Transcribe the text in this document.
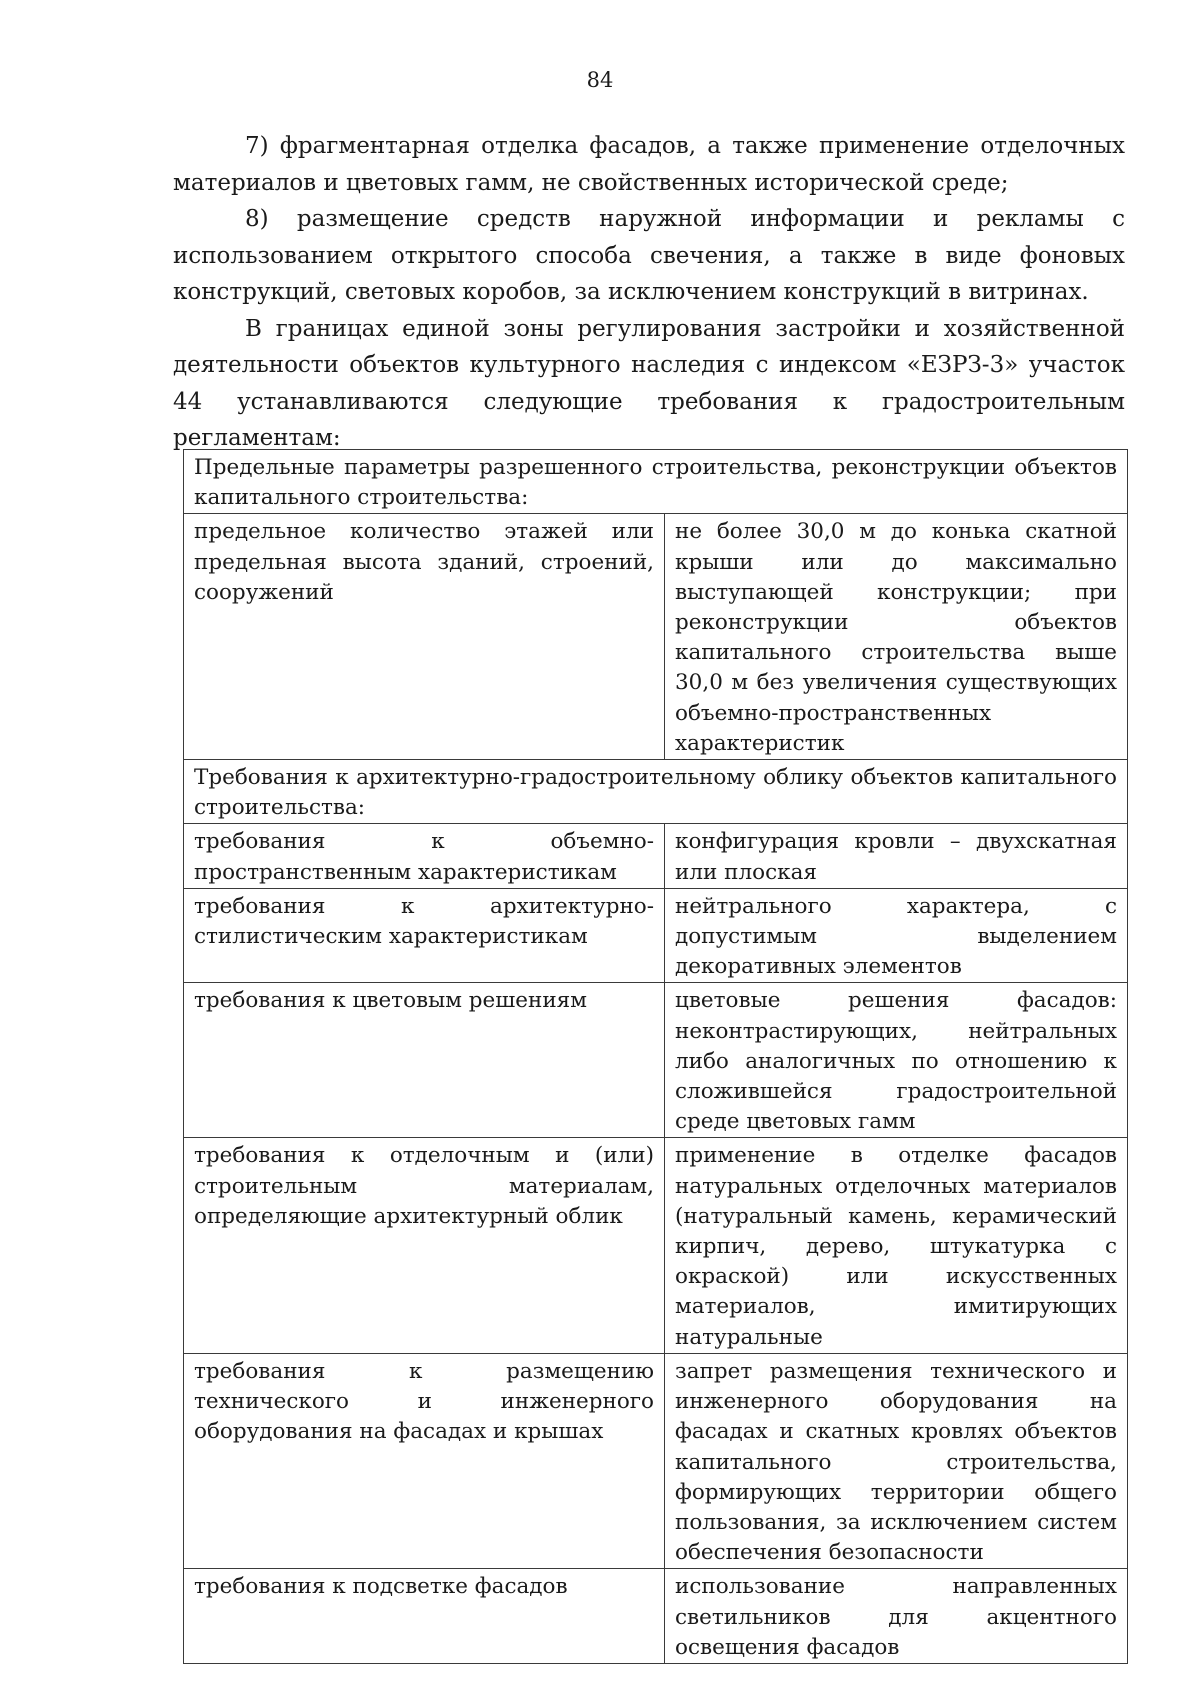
84

7) фрагментарная отделка фасадов, а также применение отделочных материалов и цветовых гамм, не свойственных исторической среде;

8) размещение средств наружной информации и рекламы с использованием открытого способа свечения, а также в виде фоновых конструкций, световых коробов, за исключением конструкций в витринах.

В границах единой зоны регулирования застройки и хозяйственной деятельности объектов культурного наследия с индексом «ЕЗРЗ-3» участок 44 устанавливаются следующие требования к градостроительным регламентам:

Предельные параметры разрешенного строительства, реконструкции объектов капитального строительства:	
предельное количество этажей или предельная высота зданий, строений, сооружений	не более 30,0 м до конька скатной крыши или до максимально выступающей конструкции; при реконструкции объектов капитального строительства выше 30,0 м без увеличения существующих объемно-пространственных характеристик
Требования к архитектурно-градостроительному облику объектов капитального строительства:	
требования к объемно-пространственным характеристикам	конфигурация кровли – двухскатная или плоская
требования к архитектурно-стилистическим характеристикам	нейтрального характера, с допустимым выделением декоративных элементов
требования к цветовым решениям	цветовые решения фасадов: неконтрастирующих, нейтральных либо аналогичных по отношению к сложившейся градостроительной среде цветовых гамм
требования к отделочным и (или) строительным материалам, определяющие архитектурный облик	применение в отделке фасадов натуральных отделочных материалов (натуральный камень, керамический кирпич, дерево, штукатурка с окраской) или искусственных материалов, имитирующих натуральные
требования к размещению технического и инженерного оборудования на фасадах и крышах	запрет размещения технического и инженерного оборудования на фасадах и скатных кровлях объектов капитального строительства, формирующих территории общего пользования, за исключением систем обеспечения безопасности
требования к подсветке фасадов	использование направленных светильников для акцентного освещения фасадов
